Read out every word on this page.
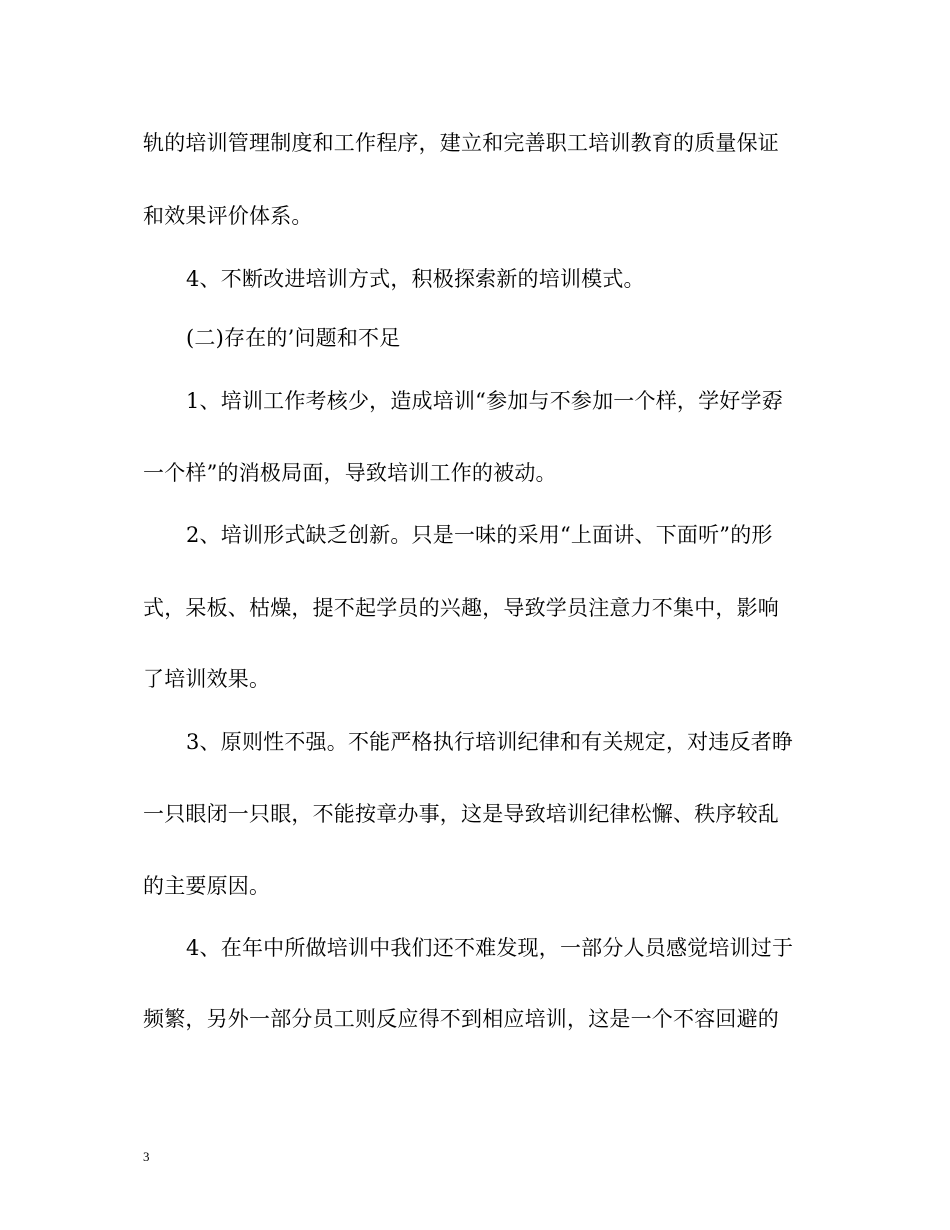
轨的培训管理制度和工作程序，建立和完善职工培训教育的质量保证
和效果评价体系。
4、不断改进培训方式，积极探索新的培训模式。
(二)存在的’问题和不足
1、培训工作考核少，造成培训“参加与不参加一个样，学好学孬
一个样”的消极局面，导致培训工作的被动。
2、培训形式缺乏创新。只是一味的采用“上面讲、下面听”的形
式，呆板、枯燥，提不起学员的兴趣，导致学员注意力不集中，影响
了培训效果。
3、原则性不强。不能严格执行培训纪律和有关规定，对违反者睁
一只眼闭一只眼，不能按章办事，这是导致培训纪律松懈、秩序较乱
的主要原因。
4、在年中所做培训中我们还不难发现，一部分人员感觉培训过于
频繁，另外一部分员工则反应得不到相应培训，这是一个不容回避的
3
